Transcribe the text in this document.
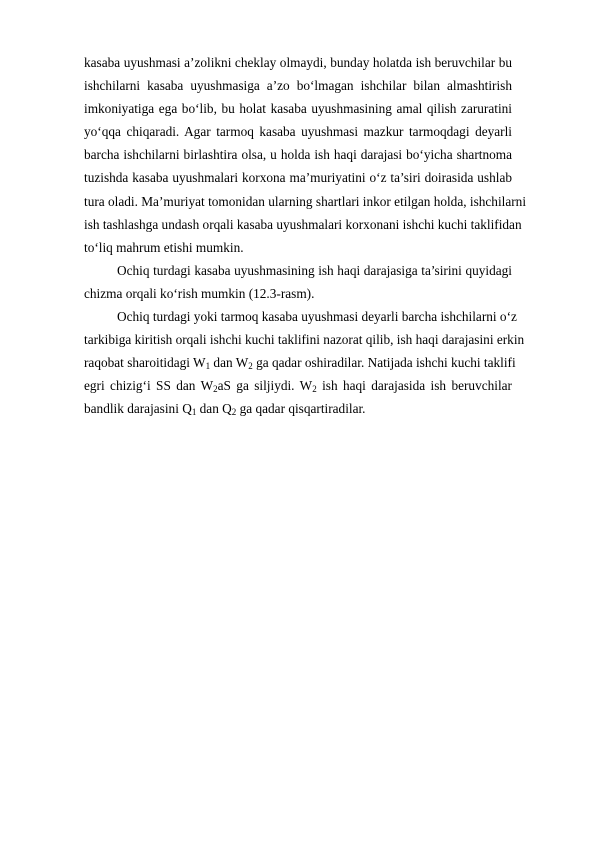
kasaba uyushmasi a’zolikni cheklay olmaydi, bunday holatda ish beruvchilar bu
ishchilarni kasaba uyushmasiga a’zo bo‘lmagan ishchilar bilan almashtirish
imkoniyatiga ega bo‘lib, bu holat kasaba uyushmasining amal qilish zaruratini
yo‘qqa chiqaradi. Agar tarmoq kasaba uyushmasi mazkur tarmoqdagi deyarli
barcha ishchilarni birlashtira olsa, u holda ish haqi darajasi bo‘yicha shartnoma
tuzishda kasaba uyushmalari korxona ma’muriyatini o‘z ta’siri doirasida ushlab
tura oladi. Ma’muriyat tomonidan ularning shartlari inkor etilgan holda, ishchilarni
ish tashlashga undash orqali kasaba uyushmalari korxonani ishchi kuchi taklifidan
to‘liq mahrum etishi mumkin.
Ochiq turdagi kasaba uyushmasining ish haqi darajasiga ta’sirini quyidagi
chizma orqali ko‘rish mumkin (12.3-rasm).
Ochiq turdagi yoki tarmoq kasaba uyushmasi deyarli barcha ishchilarni o‘z
tarkibiga kiritish orqali ishchi kuchi taklifini nazorat qilib, ish haqi darajasini erkin
raqobat sharoitidagi $W_1$ dan $W_2$ ga qadar oshiradilar. Natijada ishchi kuchi taklifi
egri chizig‘i SS dan $W_2aS$ ga siljiydi. $W_2$ ish haqi darajasida ish beruvchilar
bandlik darajasini $Q_1$ dan $Q_2$ ga qadar qisqartiradilar.
